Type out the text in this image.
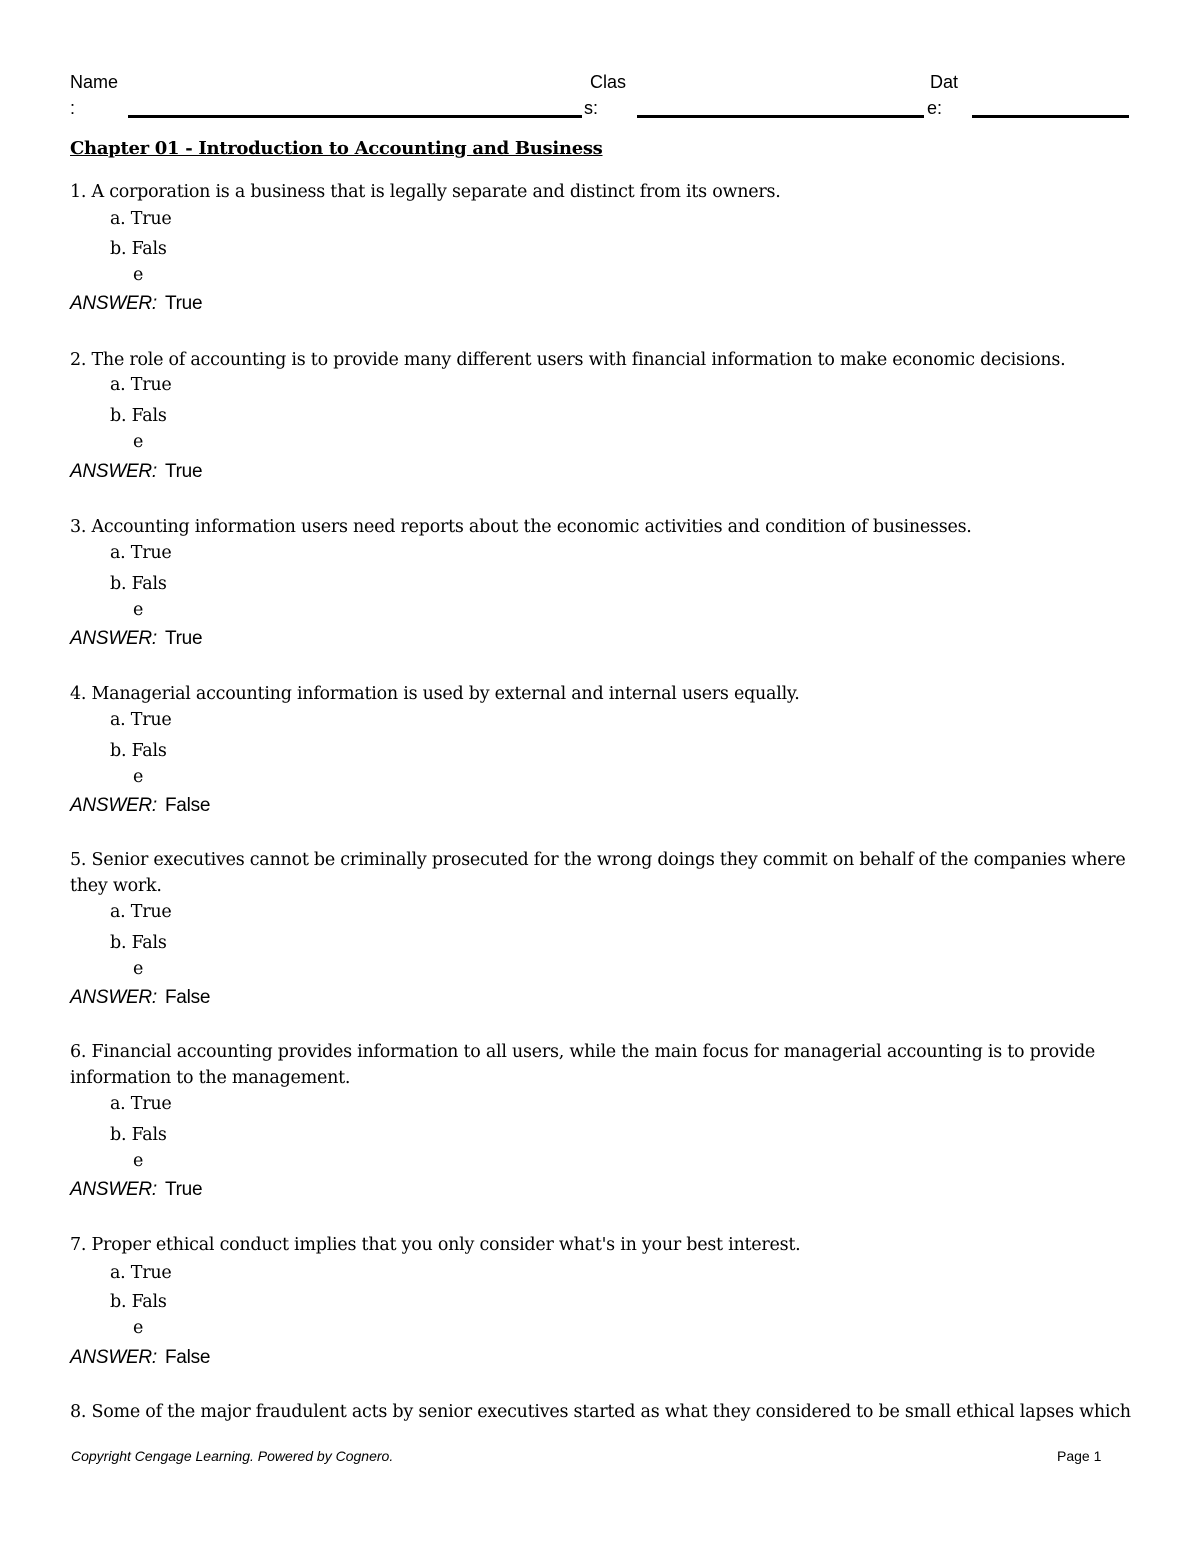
Name
:
Clas
s:
Dat
e:
Chapter 01 - Introduction to Accounting and Business
1. A corporation is a business that is legally separate and distinct from its owners.
a. True
b. Fals
e
ANSWER: True
2. The role of accounting is to provide many different users with financial information to make economic decisions.
a. True
b. Fals
e
ANSWER: True
3. Accounting information users need reports about the economic activities and condition of businesses.
a. True
b. Fals
e
ANSWER: True
4. Managerial accounting information is used by external and internal users equally.
a. True
b. Fals
e
ANSWER: False
5. Senior executives cannot be criminally prosecuted for the wrong doings they commit on behalf of the companies where they work.
a. True
b. Fals
e
ANSWER: False
6. Financial accounting provides information to all users, while the main focus for managerial accounting is to provide information to the management.
a. True
b. Fals
e
ANSWER: True
7. Proper ethical conduct implies that you only consider what's in your best interest.
a. True
b. Fals
e
ANSWER: False
8. Some of the major fraudulent acts by senior executives started as what they considered to be small ethical lapses which
Copyright Cengage Learning. Powered by Cognero.	Page 1
